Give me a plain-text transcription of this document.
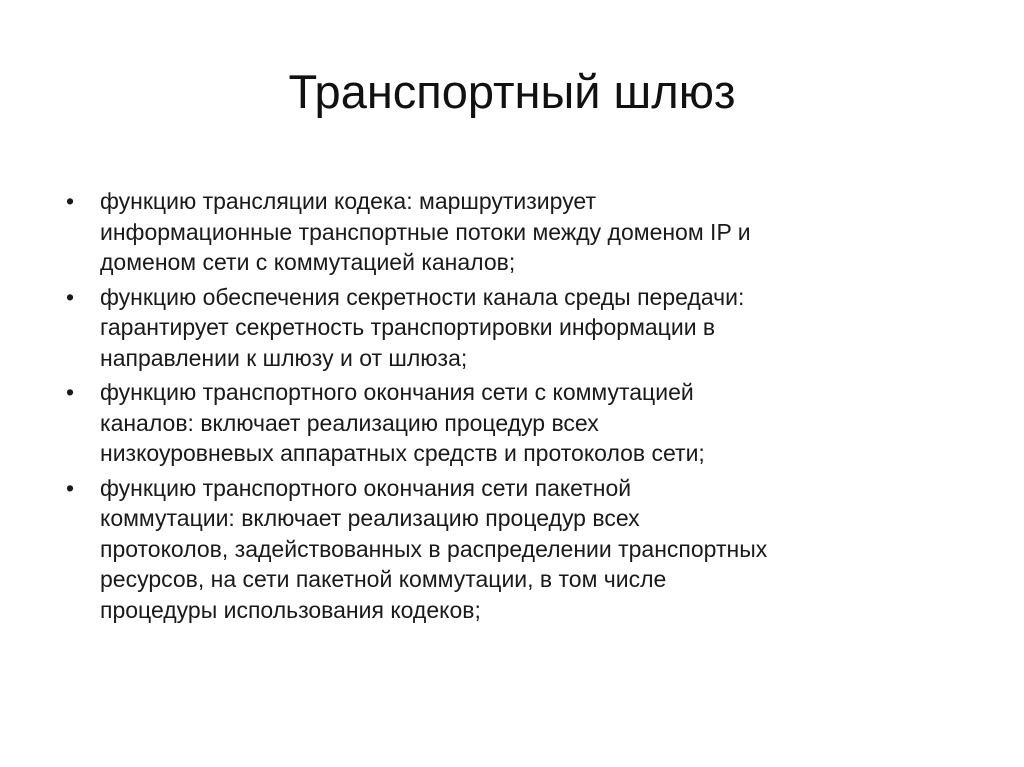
Транспортный шлюз
• функцию трансляции кодека: маршрутизирует
информационные транспортные потоки между доменом IP и
доменом сети с коммутацией каналов;
• функцию обеспечения секретности канала среды передачи:
гарантирует секретность транспортировки информации в
направлении к шлюзу и от шлюза;
• функцию транспортного окончания сети с коммутацией
каналов: включает реализацию процедур всех
низкоуровневых аппаратных средств и протоколов сети;
• функцию транспортного окончания сети пакетной
коммутации: включает реализацию процедур всех
протоколов, задействованных в распределении транспортных
ресурсов, на сети пакетной коммутации, в том числе
процедуры использования кодеков;
